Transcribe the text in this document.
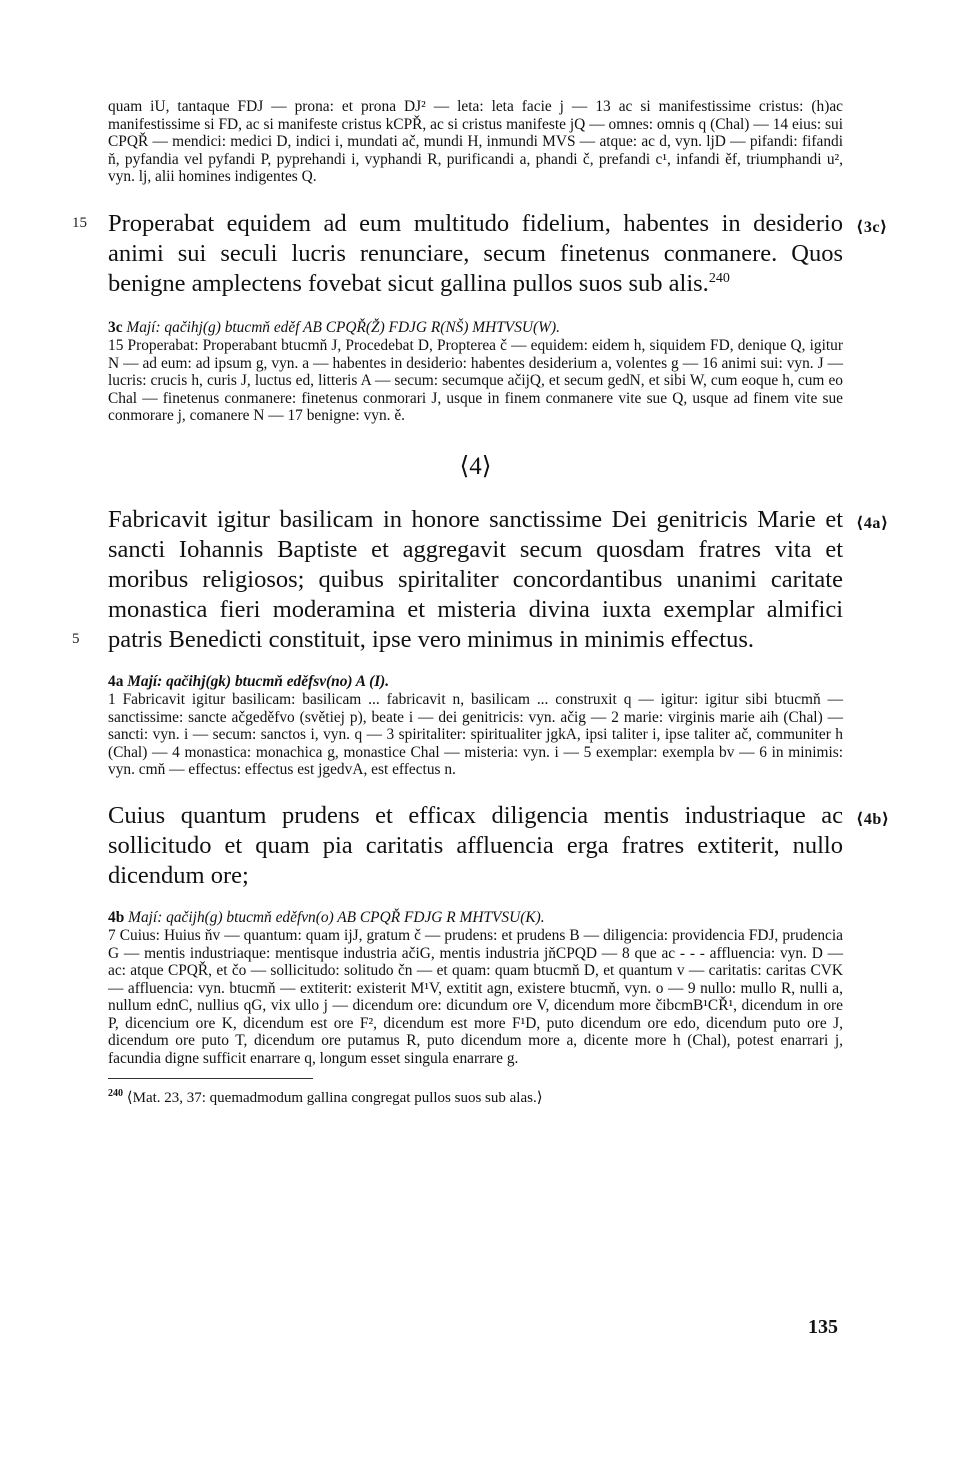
quam iU, tantaque FDJ — prona: et prona DJ² — leta: leta facie j — 13 ac si manifestissime cristus: (h)ac manifestissime si FD, ac si manifeste cristus kCPŘ, ac si cristus manifeste jQ — omnes: omnis q (Chal) — 14 eius: sui CPQŘ — mendici: medici D, indici i, mundati ač, mundi H, inmundi MVS — atque: ac d, vyn. ljD — pifandi: fifandi ň, pyfandia vel pyfandi P, pyprehandi i, vyphandi R, purificandi a, phandi č, prefandi c¹, infandi ěf, triumphandi u², vyn. lj, alii homines indigentes Q.

15	⟨3c⟩

Properabat equidem ad eum multitudo fidelium, habentes in desiderio animi sui seculi lucris renunciare, secum finetenus conmanere. Quos benigne amplectens fovebat sicut gallina pullos suos sub alis.$^{240}$

3c Mají: qačihj(g) btucmň eděf AB CPQŘ(Ž) FDJG R(NŠ) MHTVSU(W).

15 Properabat: Properabant btucmň J, Procedebat D, Propterea č — equidem: eidem h, siquidem FD, denique Q, igitur N — ad eum: ad ipsum g, vyn. a — habentes in desiderio: habentes desiderium a, volentes g — 16 animi sui: vyn. J — lucris: crucis h, curis J, luctus ed, litteris A — secum: secumque ačijQ, et secum gedN, et sibi W, cum eoque h, cum eo Chal — finetenus conmanere: finetenus conmorari J, usque in finem conmanere vite sue Q, usque ad finem vite sue conmorare j, comanere N — 17 benigne: vyn. ě.

⟨4⟩
⟨4a⟩
5

Fabricavit igitur basilicam in honore sanctissime Dei genitricis Marie et sancti Iohannis Baptiste et aggregavit secum quosdam fratres vita et moribus religiosos; quibus spiritaliter concordantibus unanimi caritate monastica fieri moderamina et misteria divina iuxta exemplar almifici patris Benedicti constituit, ipse vero minimus in minimis effectus.

4a Mají: qačihj(gk) btucmň eděfsv(no) A (I).

1 Fabricavit igitur basilicam: basilicam ... fabricavit n, basilicam ... construxit q — igitur: igitur sibi btucmň — sanctissime: sancte ačgeděfvo (světiej p), beate i — dei genitricis: vyn. ačig — 2 marie: virginis marie aih (Chal) — sancti: vyn. i — secum: sanctos i, vyn. q — 3 spiritaliter: spiritualiter jgkA, ipsi taliter i, ipse taliter ač, communiter h (Chal) — 4 monastica: monachica g, monastice Chal — misteria: vyn. i — 5 exemplar: exempla bv — 6 in minimis: vyn. cmň — effectus: effectus est jgedvA, est effectus n.

⟨4b⟩

Cuius quantum prudens et efficax diligencia mentis industriaque ac sollicitudo et quam pia caritatis affluencia erga fratres extiterit, nullo dicendum ore;

4b Mají: qačijh(g) btucmň eděfvn(o) AB CPQŘ FDJG R MHTVSU(K).

7 Cuius: Huius ňv — quantum: quam ijJ, gratum č — prudens: et prudens B — diligencia: providencia FDJ, prudencia G — mentis industriaque: mentisque industria ačiG, mentis industria jňCPQD — 8 que ac - - - affluencia: vyn. D — ac: atque CPQŘ, et čo — sollicitudo: solitudo čn — et quam: quam btucmň D, et quantum v — caritatis: caritas CVK — affluencia: vyn. btucmň — extiterit: existerit M¹V, extitit agn, existere btucmň, vyn. o — 9 nullo: mullo R, nulli a, nullum ednC, nullius qG, vix ullo j — dicendum ore: dicundum ore V, dicendum more čibcmB¹CŘ¹, dicendum in ore P, dicencium ore K, dicendum est ore F², dicendum est more F¹D, puto dicendum ore edo, dicendum puto ore J, dicendum ore puto T, dicendum ore putamus R, puto dicendum more a, dicente more h (Chal), potest enarrari j, facundia digne sufficit enarrare q, longum esset singula enarrare g.

$^{240}$ ⟨Mat. 23, 37: quemadmodum gallina congregat pullos suos sub alas.⟩

135
